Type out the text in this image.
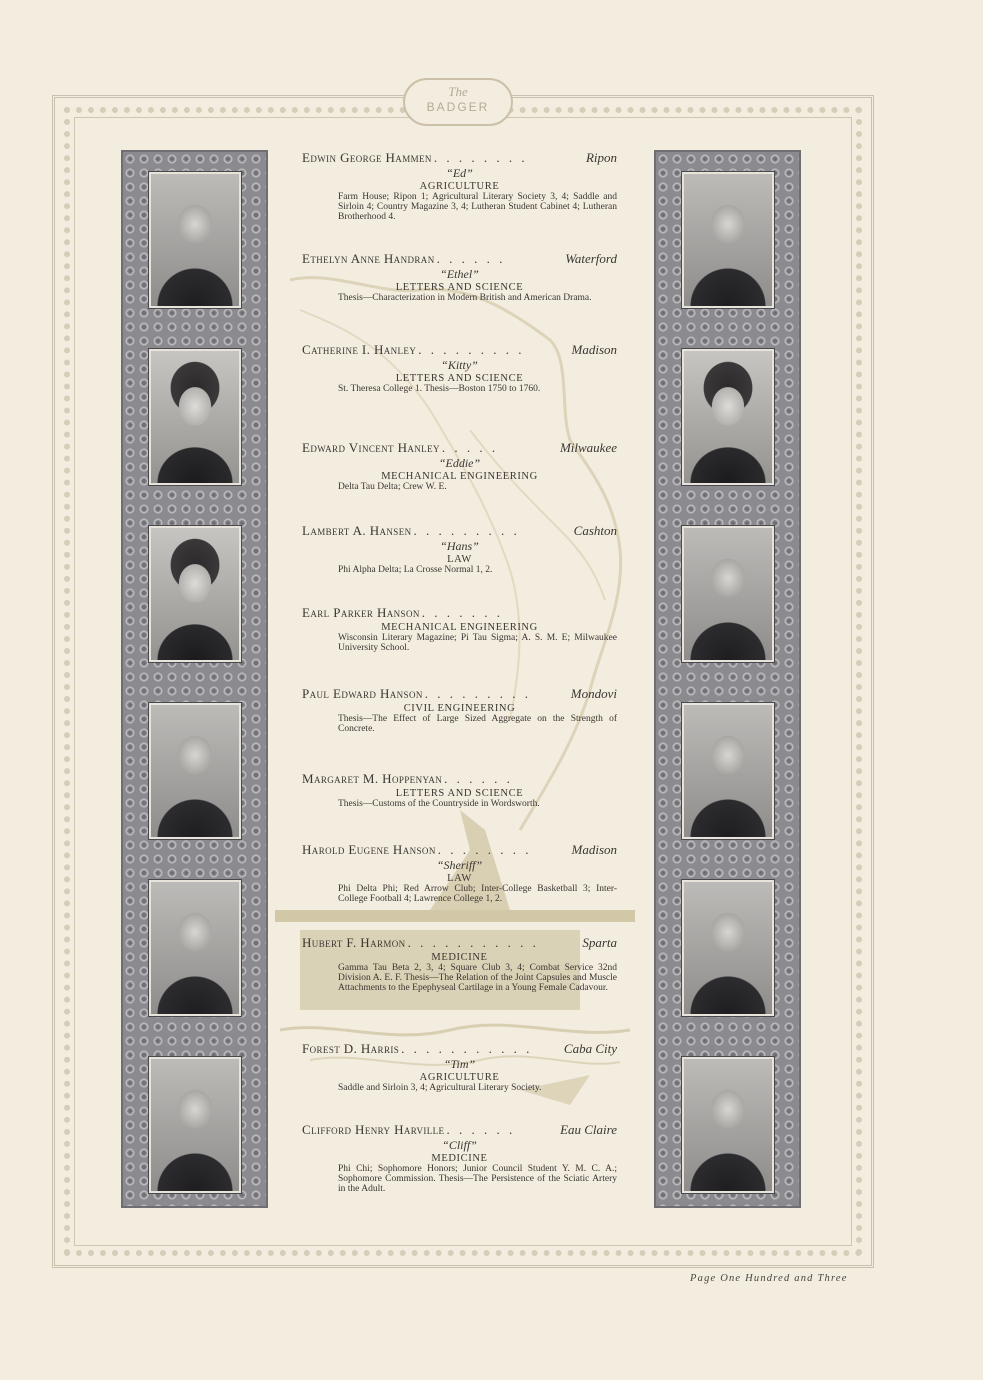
The
BADGER
Edwin George Hammen . . . . . . . .	Ripon
“Ed”
AGRICULTURE
Farm House; Ripon 1; Agricultural Literary Society 3, 4; Saddle and Sirloin 4; Country Magazine 3, 4; Lutheran Student Cabinet 4; Lutheran Brotherhood 4.
Ethelyn Anne Handran . . . . . .	Waterford
“Ethel”
LETTERS AND SCIENCE
Thesis—Characterization in Modern British and American Drama.
Catherine I. Hanley . . . . . . . . .	Madison
“Kitty”
LETTERS AND SCIENCE
St. Theresa College 1. Thesis—Boston 1750 to 1760.
Edward Vincent Hanley . . . . .	Milwaukee
“Eddie”
MECHANICAL ENGINEERING
Delta Tau Delta; Crew W. E.
Lambert A. Hansen . . . . . . . . .	Cashton
“Hans”
LAW
Phi Alpha Delta; La Crosse Normal 1, 2.
Earl Parker Hanson . . . . . . .
MECHANICAL ENGINEERING
Wisconsin Literary Magazine; Pi Tau Sigma; A. S. M. E; Milwaukee University School.
Paul Edward Hanson . . . . . . . . .	Mondovi
CIVIL ENGINEERING
Thesis—The Effect of Large Sized Aggregate on the Strength of Concrete.
Margaret M. Hoppenyan . . . . . .
LETTERS AND SCIENCE
Thesis—Customs of the Countryside in Wordsworth.
Harold Eugene Hanson . . . . . . . .	Madison
“Sheriff”
LAW
Phi Delta Phi; Red Arrow Club; Inter-College Basketball 3; Inter-College Football 4; Lawrence College 1, 2.
Hubert F. Harmon . . . . . . . . . . .	Sparta
MEDICINE
Gamma Tau Beta 2, 3, 4; Square Club 3, 4; Combat Service 32nd Division A. E. F. Thesis—The Relation of the Joint Capsules and Muscle Attachments to the Epephyseal Cartilage in a Young Female Cadavour.
Forest D. Harris . . . . . . . . . . .	Caba City
“Tim”
AGRICULTURE
Saddle and Sirloin 3, 4; Agricultural Literary Society.
Clifford Henry Harville . . . . . .	Eau Claire
“Cliff”
MEDICINE
Phi Chi; Sophomore Honors; Junior Council Student Y. M. C. A.; Sophomore Commission. Thesis—The Persistence of the Sciatic Artery in the Adult.
Page One Hundred and Three
